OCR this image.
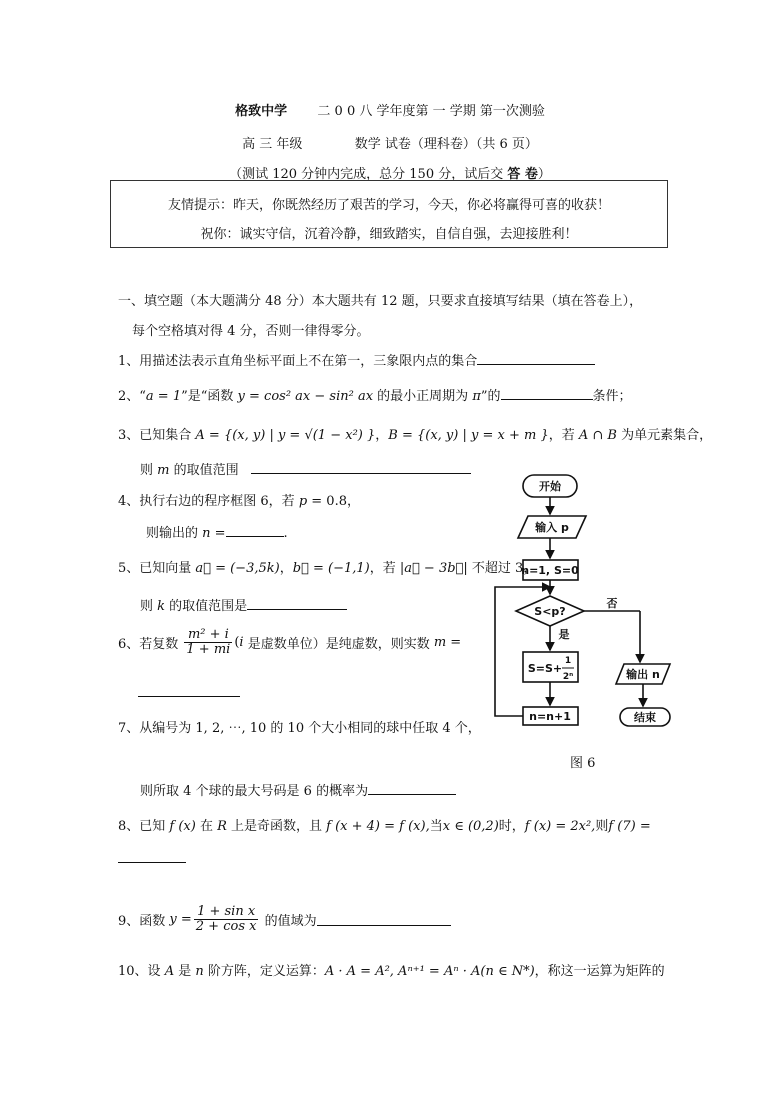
格致中学 二 0 0 八 学年度第 一 学期 第一次测验
高 三 年级	数学 试卷（理科卷）（共 6 页）
（测试 120 分钟内完成，总分 150 分，试后交 答 卷）
友情提示：昨天，你既然经历了艰苦的学习，今天，你必将赢得可喜的收获！
祝你：诚实守信，沉着冷静，细致踏实，自信自强，去迎接胜利！
一、填空题（本大题满分 48 分）本大题共有 12 题，只要求直接填写结果（填在答卷上），
每个空格填对得 4 分，否则一律得零分。
1、用描述法表示直角坐标平面上不在第一，三象限内点的集合
2、“a = 1”是“函数 y = cos² ax − sin² ax 的最小正周期为 π”的	条件；
3、已知集合 A = {(x, y) | y = √(1 − x²) }，B = {(x, y) | y = x + m }，若 A ∩ B 为单元素集合，
则 m 的取值范围
4、执行右边的程序框图 6，若 p = 0.8，
则输出的 n =	.
5、已知向量 a⃗ = (−3,5k)，b⃗ = (−1,1)，若 |a⃗ − 3b⃗| 不超过 3，
则 k 的取值范围是
6、若复数 $\frac{\text{m² + i}}{1 + mi} (i$ 是虚数单位）是纯虚数，则实数 m =
7、从编号为 1, 2, ⋯, 10 的 10 个大小相同的球中任取 4 个，
则所取 4 个球的最大号码是 6 的概率为
8、已知 f (x) 在 R 上是奇函数，且 f (x + 4) = f (x),当x ∈ (0,2)时，f (x) = 2x²,则f (7) =
9、函数 $y = \frac{\text{1 + sin x}}{\text{2 + cos x}}$ 的值域为
10、设 A 是 n 阶方阵，定义运算：A · A = A², Aⁿ⁺¹ = Aⁿ · A(n ∈ N*)，称这一运算为矩阵的
开始
输入 p
n=1, S=0
S<p?
否
是
S=S+
1
2ⁿ	输出 n
n=n+1	结束
图 6
